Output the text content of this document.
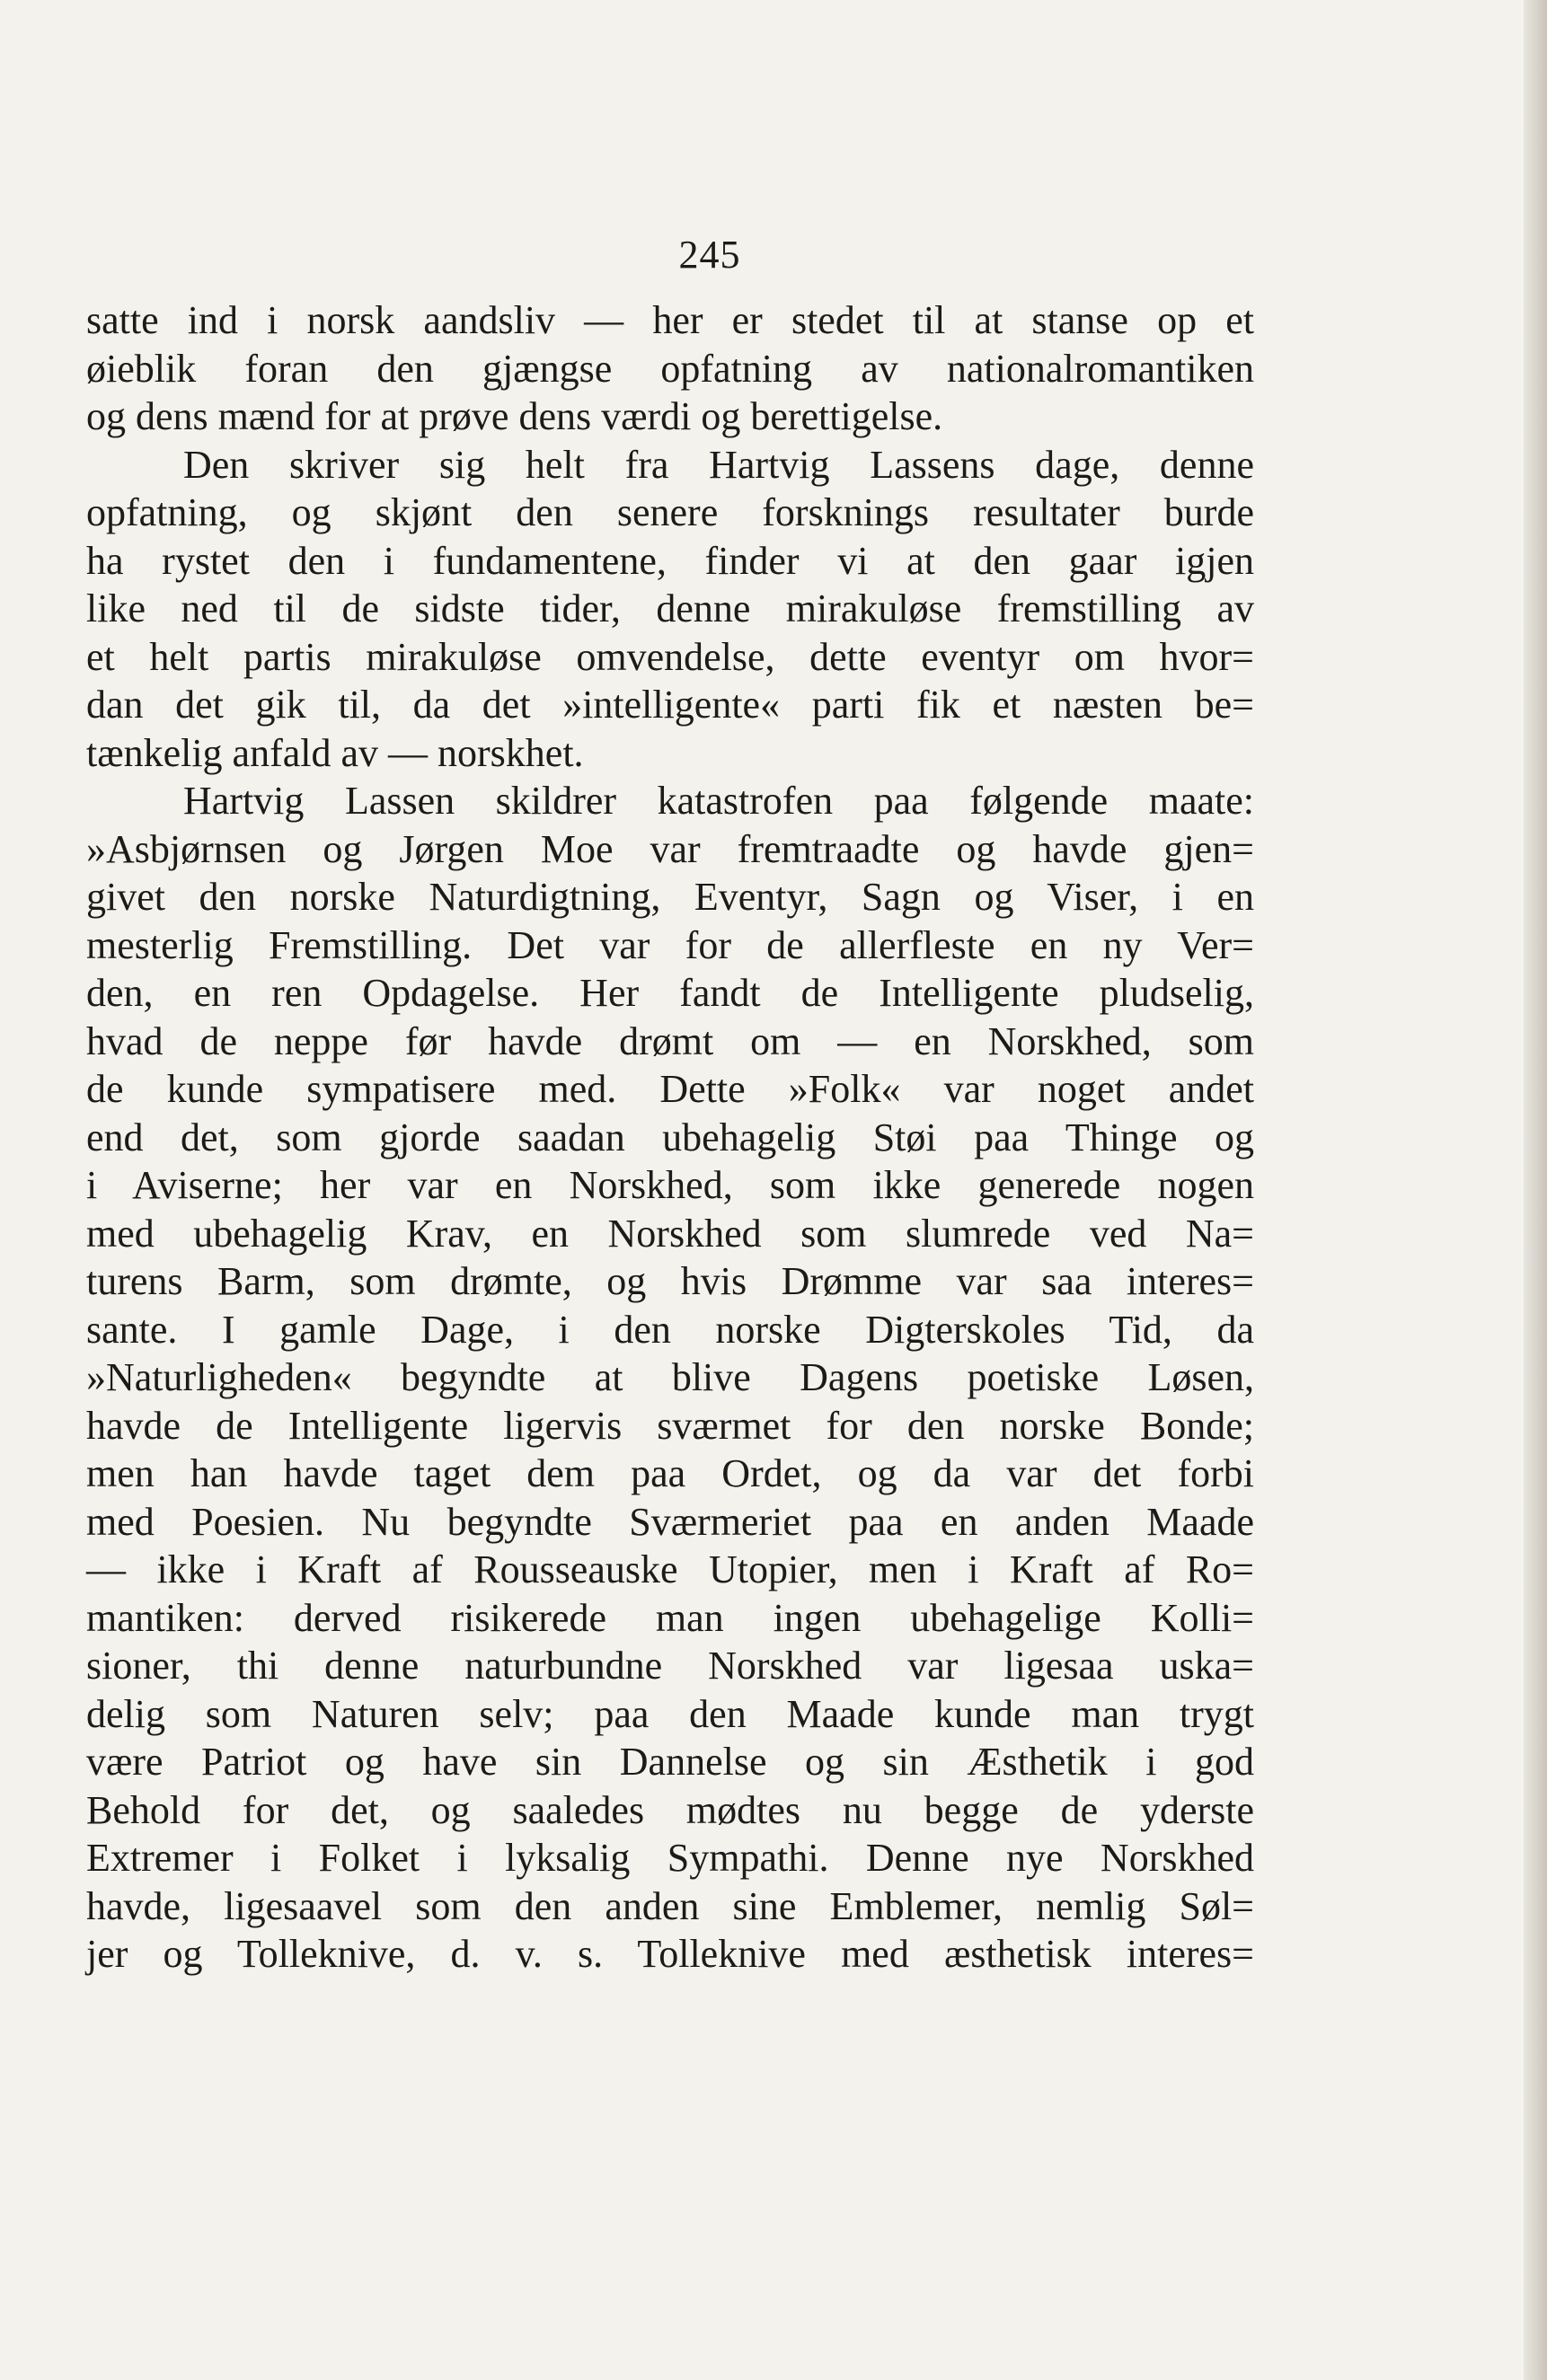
245
satte ind i norsk aandsliv — her er stedet til at stanse op et
øieblik foran den gjængse opfatning av nationalromantiken
og dens mænd for at prøve dens værdi og berettigelse.
Den skriver sig helt fra Hartvig Lassens dage, denne
opfatning, og skjønt den senere forsknings resultater burde
ha rystet den i fundamentene, finder vi at den gaar igjen
like ned til de sidste tider, denne mirakuløse fremstilling av
et helt partis mirakuløse omvendelse, dette eventyr om hvor=
dan det gik til, da det »intelligente« parti fik et næsten be=
tænkelig anfald av — norskhet.
Hartvig Lassen skildrer katastrofen paa følgende maate:
»Asbjørnsen og Jørgen Moe var fremtraadte og havde gjen=
givet den norske Naturdigtning, Eventyr, Sagn og Viser, i en
mesterlig Fremstilling. Det var for de allerfleste en ny Ver=
den, en ren Opdagelse. Her fandt de Intelligente pludselig,
hvad de neppe før havde drømt om — en Norskhed, som
de kunde sympatisere med. Dette »Folk« var noget andet
end det, som gjorde saadan ubehagelig Støi paa Thinge og
i Aviserne; her var en Norskhed, som ikke generede nogen
med ubehagelig Krav, en Norskhed som slumrede ved Na=
turens Barm, som drømte, og hvis Drømme var saa interes=
sante. I gamle Dage, i den norske Digterskoles Tid, da
»Naturligheden« begyndte at blive Dagens poetiske Løsen,
havde de Intelligente ligervis sværmet for den norske Bonde;
men han havde taget dem paa Ordet, og da var det forbi
med Poesien. Nu begyndte Sværmeriet paa en anden Maade
— ikke i Kraft af Rousseauske Utopier, men i Kraft af Ro=
mantiken: derved risikerede man ingen ubehagelige Kolli=
sioner, thi denne naturbundne Norskhed var ligesaa uska=
delig som Naturen selv; paa den Maade kunde man trygt
være Patriot og have sin Dannelse og sin Æsthetik i god
Behold for det, og saaledes mødtes nu begge de yderste
Extremer i Folket i lyksalig Sympathi. Denne nye Norskhed
havde, ligesaavel som den anden sine Emblemer, nemlig Søl=
jer og Tolleknive, d. v. s. Tolleknive med æsthetisk interes=
